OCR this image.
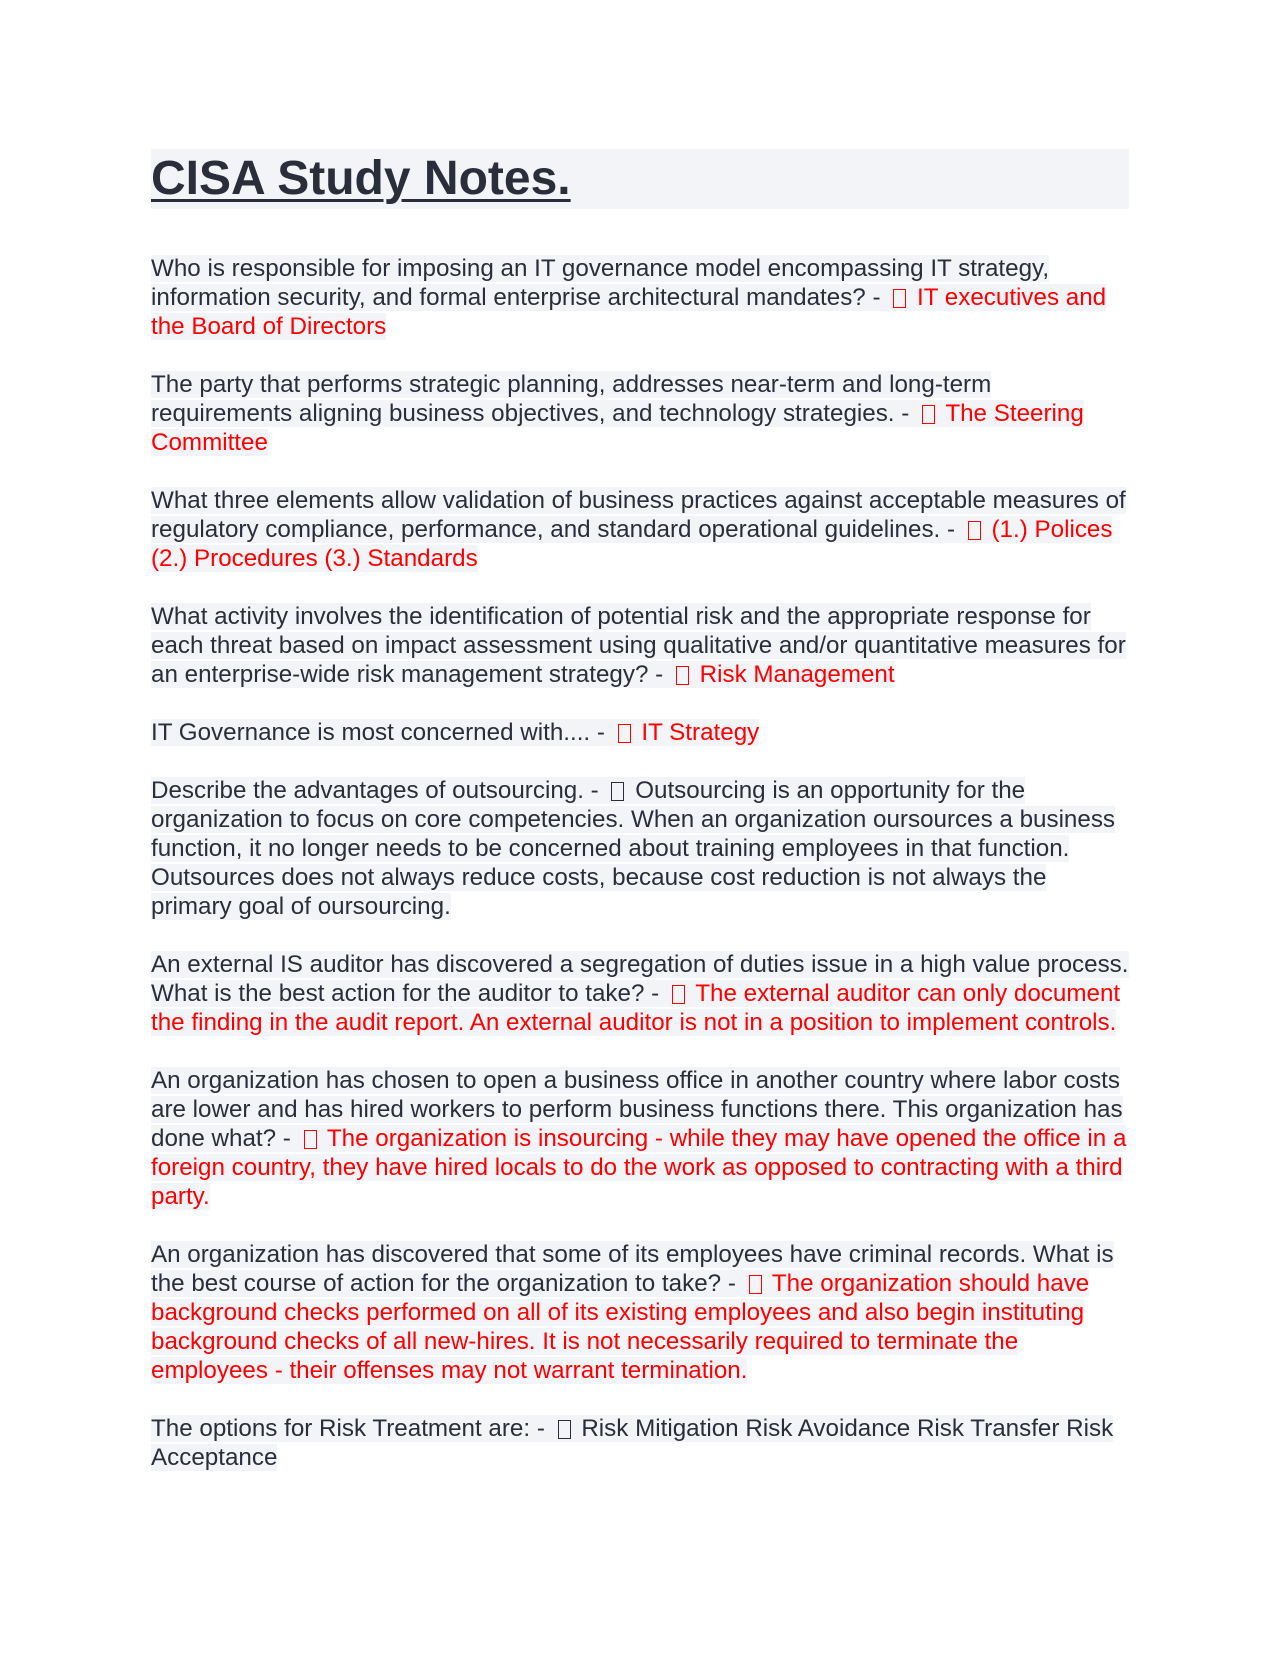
CISA Study Notes.

Who is responsible for imposing an IT governance model encompassing IT strategy, information security, and formal enterprise architectural mandates? -  IT executives and the Board of Directors

The party that performs strategic planning, addresses near-term and long-term requirements aligning business objectives, and technology strategies. -  The Steering Committee

What three elements allow validation of business practices against acceptable measures of regulatory compliance, performance, and standard operational guidelines. -  (1.) Polices (2.) Procedures (3.) Standards

What activity involves the identification of potential risk and the appropriate response for each threat based on impact assessment using qualitative and/or quantitative measures for an enterprise-wide risk management strategy? -  Risk Management

IT Governance is most concerned with.... -  IT Strategy

Describe the advantages of outsourcing. -  Outsourcing is an opportunity for the organization to focus on core competencies. When an organization oursources a business function, it no longer needs to be concerned about training employees in that function. Outsources does not always reduce costs, because cost reduction is not always the primary goal of oursourcing.

An external IS auditor has discovered a segregation of duties issue in a high value process. What is the best action for the auditor to take? -  The external auditor can only document the finding in the audit report. An external auditor is not in a position to implement controls.

An organization has chosen to open a business office in another country where labor costs are lower and has hired workers to perform business functions there. This organization has done what? -  The organization is insourcing - while they may have opened the office in a foreign country, they have hired locals to do the work as opposed to contracting with a third party.

An organization has discovered that some of its employees have criminal records. What is the best course of action for the organization to take? -  The organization should have background checks performed on all of its existing employees and also begin instituting background checks of all new-hires. It is not necessarily required to terminate the employees - their offenses may not warrant termination.

The options for Risk Treatment are: -  Risk Mitigation Risk Avoidance Risk Transfer Risk Acceptance
